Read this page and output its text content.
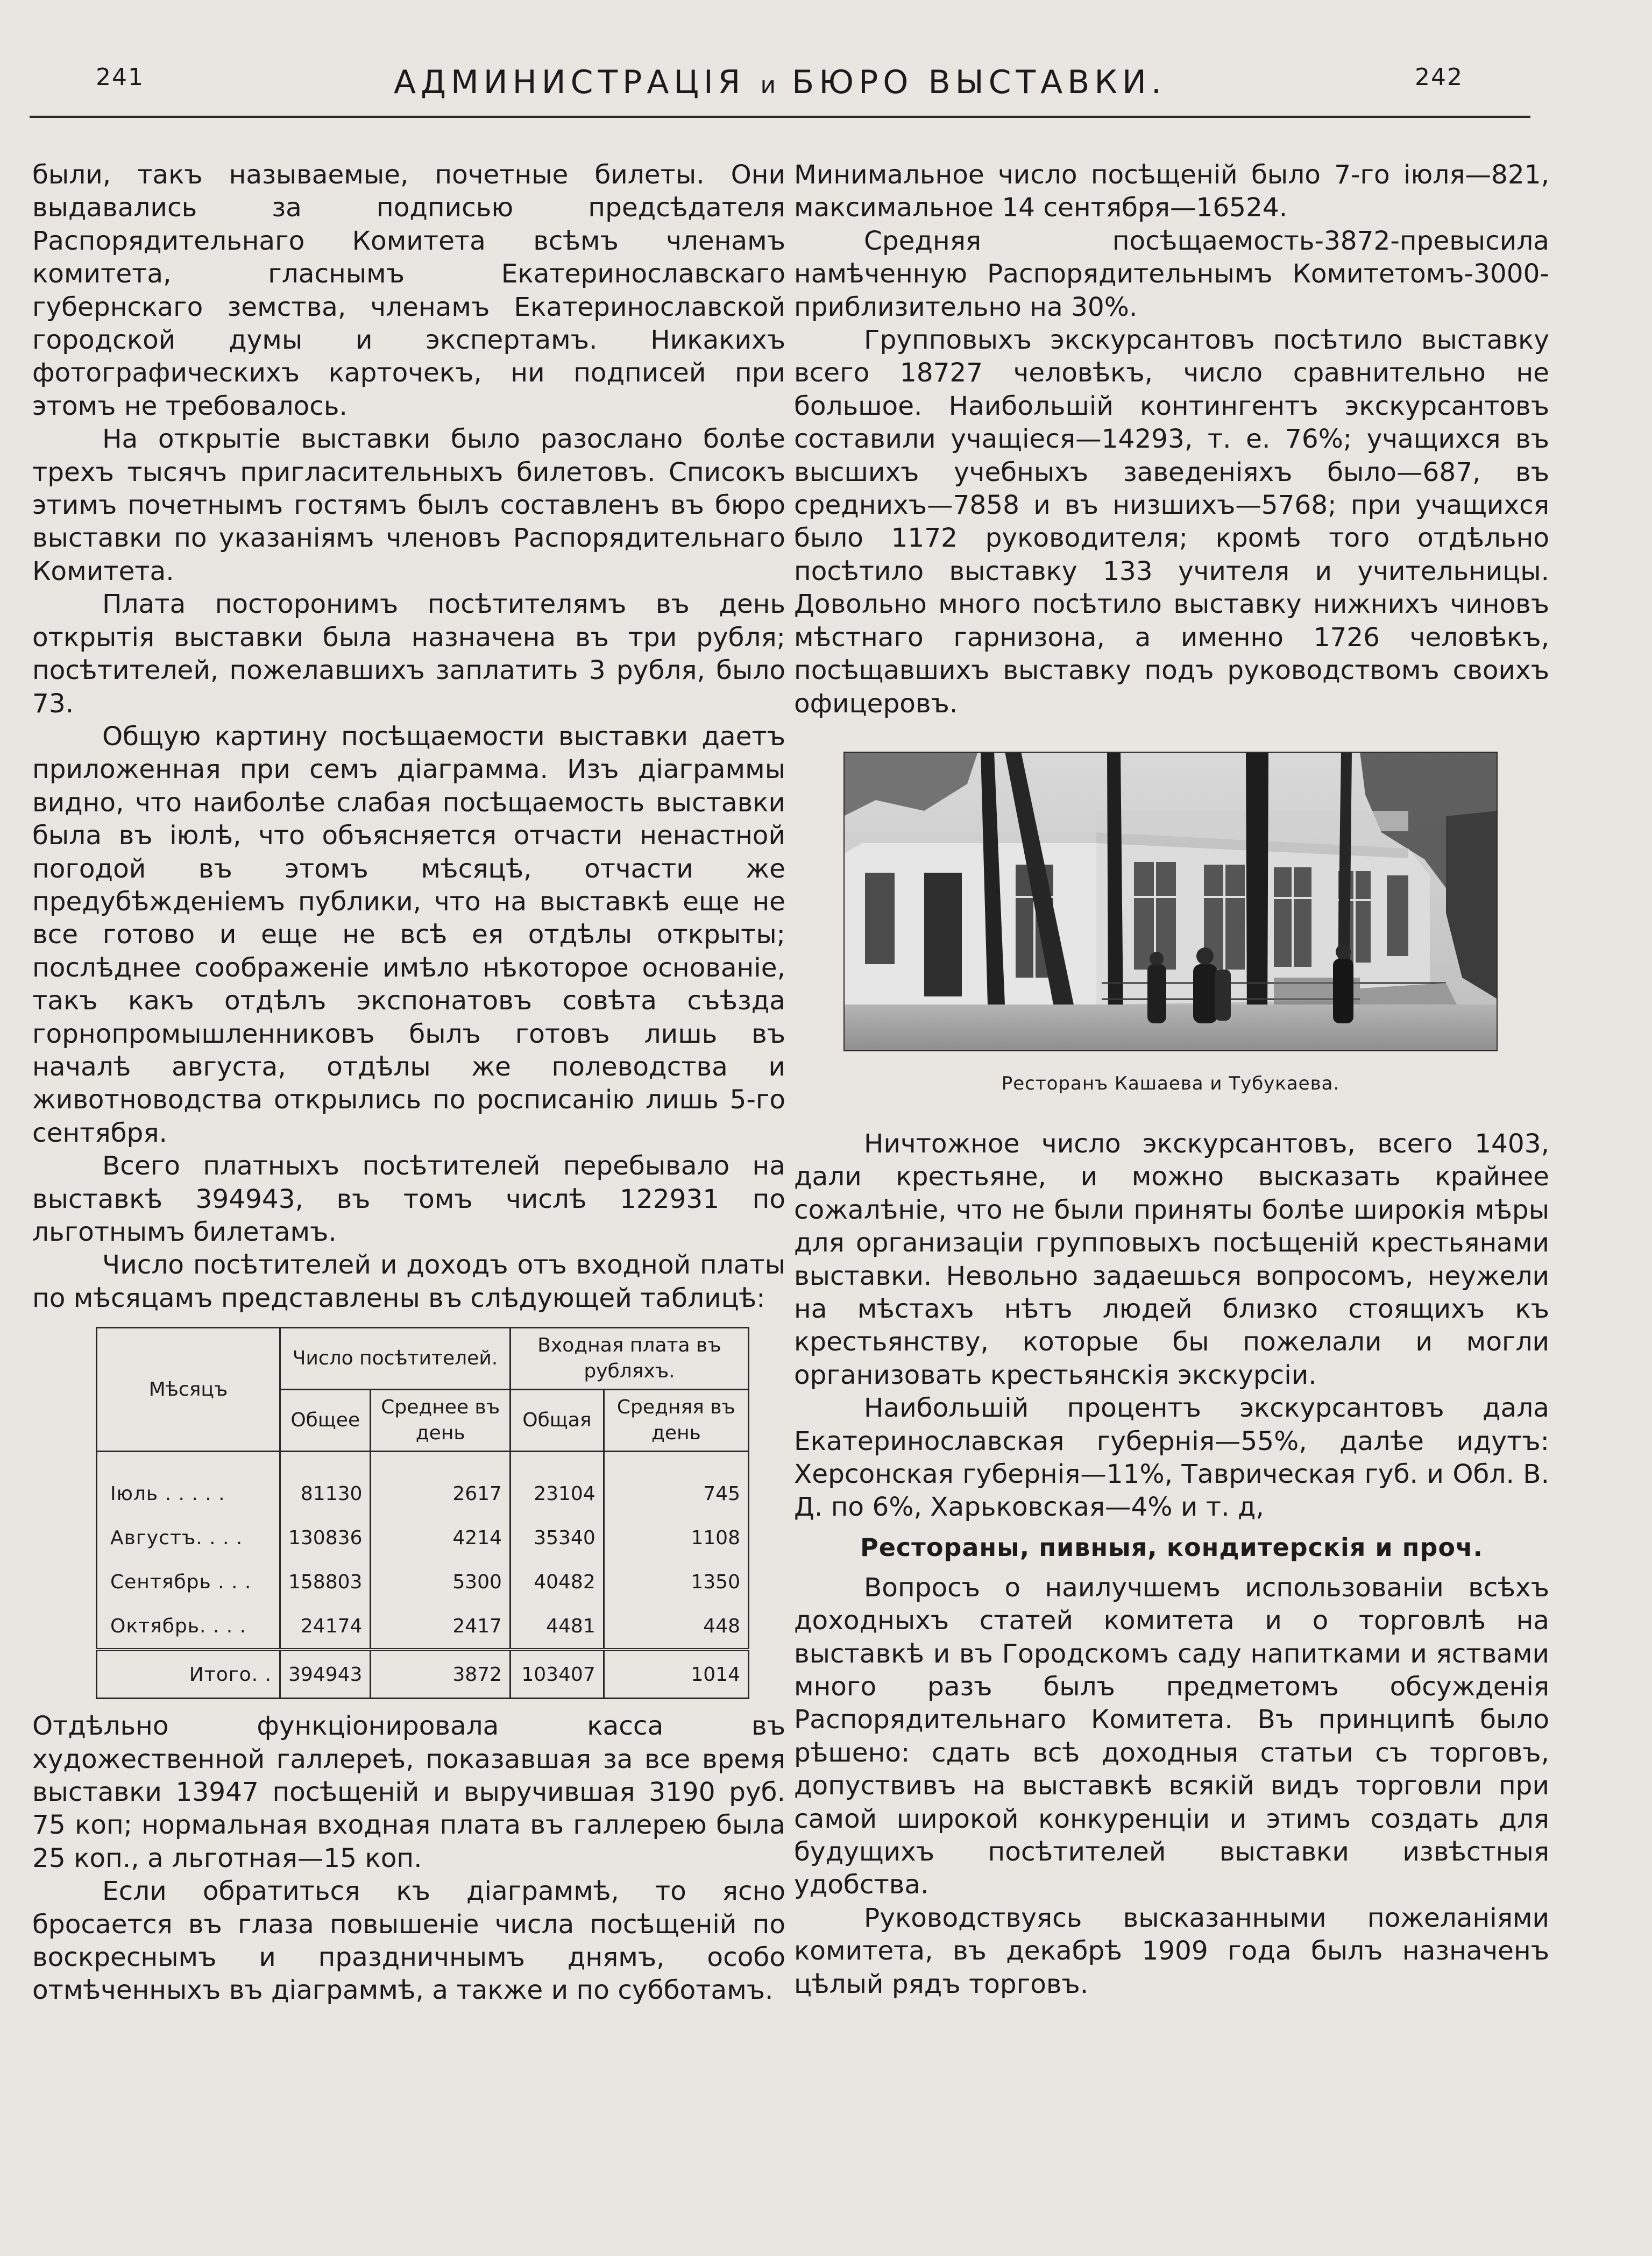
241	АДМИНИСТРАЦІЯ и БЮРО ВЫСТАВКИ.	242

были, такъ называемые, почетные билеты. Они выдавались за подписью предсѣдателя Распорядительнаго Комитета всѣмъ членамъ комитета, гласнымъ Екатеринославскаго губернскаго земства, членамъ Екатеринославской городской думы и экспертамъ. Никакихъ фотографическихъ карточекъ, ни подписей при этомъ не требовалось.

На открытіе выставки было разослано болѣе трехъ тысячъ пригласительныхъ билетовъ. Списокъ этимъ почетнымъ гостямъ былъ составленъ въ бюро выставки по указаніямъ членовъ Распорядительнаго Комитета.

Плата посторонимъ посѣтителямъ въ день открытія выставки была назначена въ три рубля; посѣтителей, пожелавшихъ заплатить 3 рубля, было 73.

Общую картину посѣщаемости выставки даетъ приложенная при семъ діаграмма. Изъ діаграммы видно, что наиболѣе слабая посѣщаемость выставки была въ іюлѣ, что объясняется отчасти ненастной погодой въ этомъ мѣсяцѣ, отчасти же предубѣжденіемъ публики, что на выставкѣ еще не все готово и еще не всѣ ея отдѣлы открыты; послѣднее соображеніе имѣло нѣкоторое основаніе, такъ какъ отдѣлъ экспонатовъ совѣта съѣзда горнопромышленниковъ былъ готовъ лишь въ началѣ августа, отдѣлы же полеводства и животноводства открылись по росписанію лишь 5-го сентября.

Всего платныхъ посѣтителей перебывало на выставкѣ 394943, въ томъ числѣ 122931 по льготнымъ билетамъ.

Число посѣтителей и доходъ отъ входной платы по мѣсяцамъ представлены въ слѣдующей таблицѣ:

Мѣсяцъ	Число посѣтителей.		Входная плата въ рубляхъ.	
	Общее	Среднее въ день	Общая	Средняя въ день
Іюль . . . . .	81130	2617	23104	745
Августъ. . . .	130836	4214	35340	1108
Сентябрь . . .	158803	5300	40482	1350
Октябрь. . . .	24174	2417	4481	448
Итого. .	394943	3872	103407	1014

Отдѣльно функціонировала касса въ художественной галлереѣ, показавшая за все время выставки 13947 посѣщеній и выручившая 3190 руб. 75 коп; нормальная входная плата въ галлерею была 25 коп., а льготная—15 коп.

Если обратиться къ діаграммѣ, то ясно бросается въ глаза повышеніе числа посѣщеній по воскреснымъ и праздничнымъ днямъ, особо отмѣченныхъ въ діаграммѣ, а также и по субботамъ.

Минимальное число посѣщеній было 7-го іюля—821, максимальное 14 сентября—16524.

Средняя посѣщаемость-3872-превысила намѣченную Распорядительнымъ Комитетомъ-3000-приблизительно на 30%.

Групповыхъ экскурсантовъ посѣтило выставку всего 18727 человѣкъ, число сравнительно не большое. Наибольшій контингентъ экскурсантовъ составили учащіеся—14293, т. е. 76%; учащихся въ высшихъ учебныхъ заведеніяхъ было—687, въ среднихъ—7858 и въ низшихъ—5768; при учащихся было 1172 руководителя; кромѣ того отдѣльно посѣтило выставку 133 учителя и учительницы. Довольно много посѣтило выставку нижнихъ чиновъ мѣстнаго гарнизона, а именно 1726 человѣкъ, посѣщавшихъ выставку подъ руководствомъ своихъ офицеровъ.

Ресторанъ Кашаева и Тубукаева.

Ничтожное число экскурсантовъ, всего 1403, дали крестьяне, и можно высказать крайнее сожалѣніе, что не были приняты болѣе широкія мѣры для организаціи групповыхъ посѣщеній крестьянами выставки. Невольно задаешься вопросомъ, неужели на мѣстахъ нѣтъ людей близко стоящихъ къ крестьянству, которые бы пожелали и могли организовать крестьянскія экскурсіи.

Наибольшій процентъ экскурсантовъ дала Екатеринославская губернія—55%, далѣе идутъ: Херсонская губернія—11%, Таврическая губ. и Обл. В. Д. по 6%, Харьковская—4% и т. д,

Рестораны, пивныя, кондитерскія и проч.

Вопросъ о наилучшемъ использованіи всѣхъ доходныхъ статей комитета и о торговлѣ на выставкѣ и въ Городскомъ саду напитками и яствами много разъ былъ предметомъ обсужденія Распорядительнаго Комитета. Въ принципѣ было рѣшено: сдать всѣ доходныя статьи съ торговъ, допуствивъ на выставкѣ всякій видъ торговли при самой широкой конкуренціи и этимъ создать для будущихъ посѣтителей выставки извѣстныя удобства.

Руководствуясь высказанными пожеланіями комитета, въ декабрѣ 1909 года былъ назначенъ цѣлый рядъ торговъ.
